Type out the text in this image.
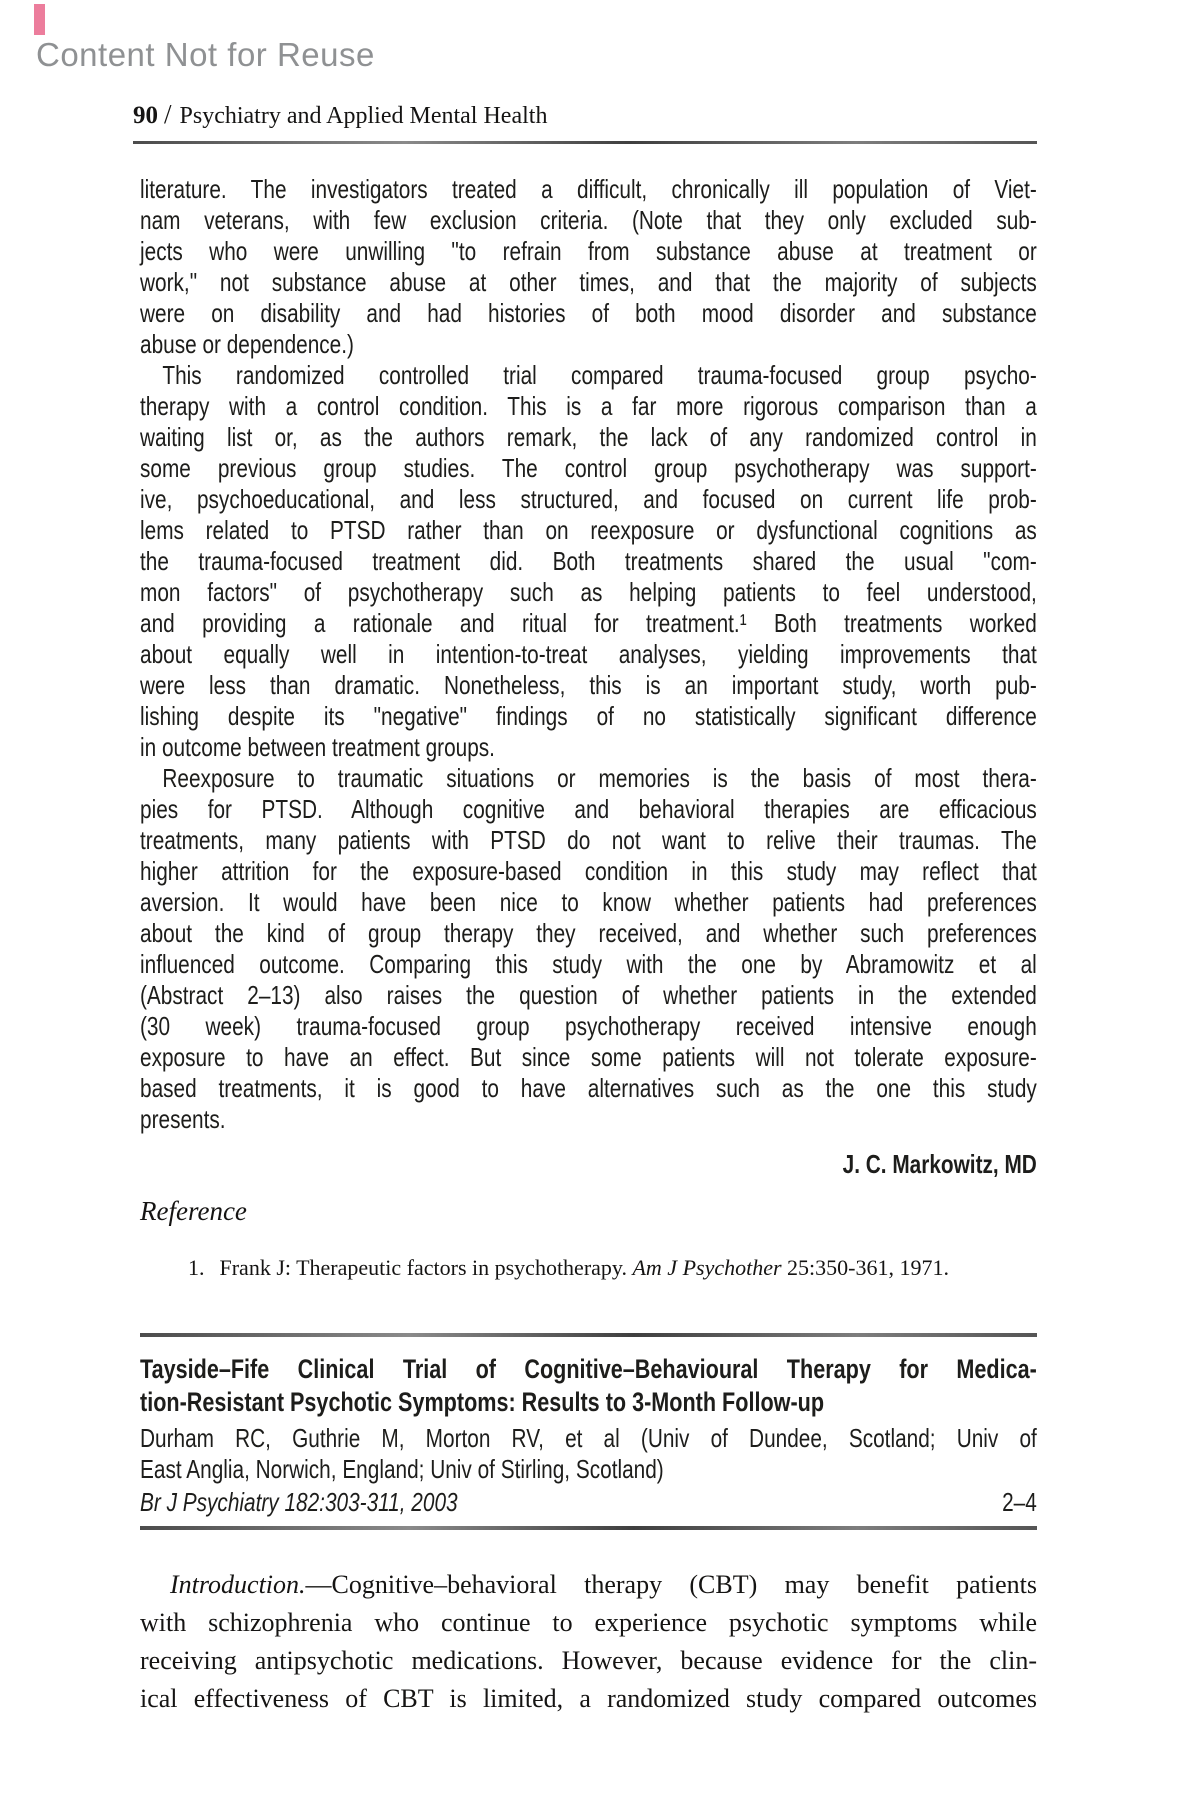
Content Not for Reuse
90 / Psychiatry and Applied Mental Health
literature. The investigators treated a difficult, chronically ill population of Viet-
nam veterans, with few exclusion criteria. (Note that they only excluded sub-
jects who were unwilling "to refrain from substance abuse at treatment or
work," not substance abuse at other times, and that the majority of subjects
were on disability and had histories of both mood disorder and substance
abuse or dependence.)
This randomized controlled trial compared trauma-focused group psycho-
therapy with a control condition. This is a far more rigorous comparison than a
waiting list or, as the authors remark, the lack of any randomized control in
some previous group studies. The control group psychotherapy was support-
ive, psychoeducational, and less structured, and focused on current life prob-
lems related to PTSD rather than on reexposure or dysfunctional cognitions as
the trauma-focused treatment did. Both treatments shared the usual "com-
mon factors" of psychotherapy such as helping patients to feel understood,
and providing a rationale and ritual for treatment.¹ Both treatments worked
about equally well in intention-to-treat analyses, yielding improvements that
were less than dramatic. Nonetheless, this is an important study, worth pub-
lishing despite its "negative" findings of no statistically significant difference
in outcome between treatment groups.
Reexposure to traumatic situations or memories is the basis of most thera-
pies for PTSD. Although cognitive and behavioral therapies are efficacious
treatments, many patients with PTSD do not want to relive their traumas. The
higher attrition for the exposure-based condition in this study may reflect that
aversion. It would have been nice to know whether patients had preferences
about the kind of group therapy they received, and whether such preferences
influenced outcome. Comparing this study with the one by Abramowitz et al
(Abstract 2–13) also raises the question of whether patients in the extended
(30 week) trauma-focused group psychotherapy received intensive enough
exposure to have an effect. But since some patients will not tolerate exposure-
based treatments, it is good to have alternatives such as the one this study
presents.
J. C. Markowitz, MD
Reference
1. Frank J: Therapeutic factors in psychotherapy. Am J Psychother 25:350-361, 1971.
Tayside–Fife Clinical Trial of Cognitive–Behavioural Therapy for Medica-
tion-Resistant Psychotic Symptoms: Results to 3-Month Follow-up
Durham RC, Guthrie M, Morton RV, et al (Univ of Dundee, Scotland; Univ of
East Anglia, Norwich, England; Univ of Stirling, Scotland)
Br J Psychiatry 182:303-311, 2003	2–4
Introduction.—Cognitive–behavioral therapy (CBT) may benefit patients
with schizophrenia who continue to experience psychotic symptoms while
receiving antipsychotic medications. However, because evidence for the clin-
ical effectiveness of CBT is limited, a randomized study compared outcomes
